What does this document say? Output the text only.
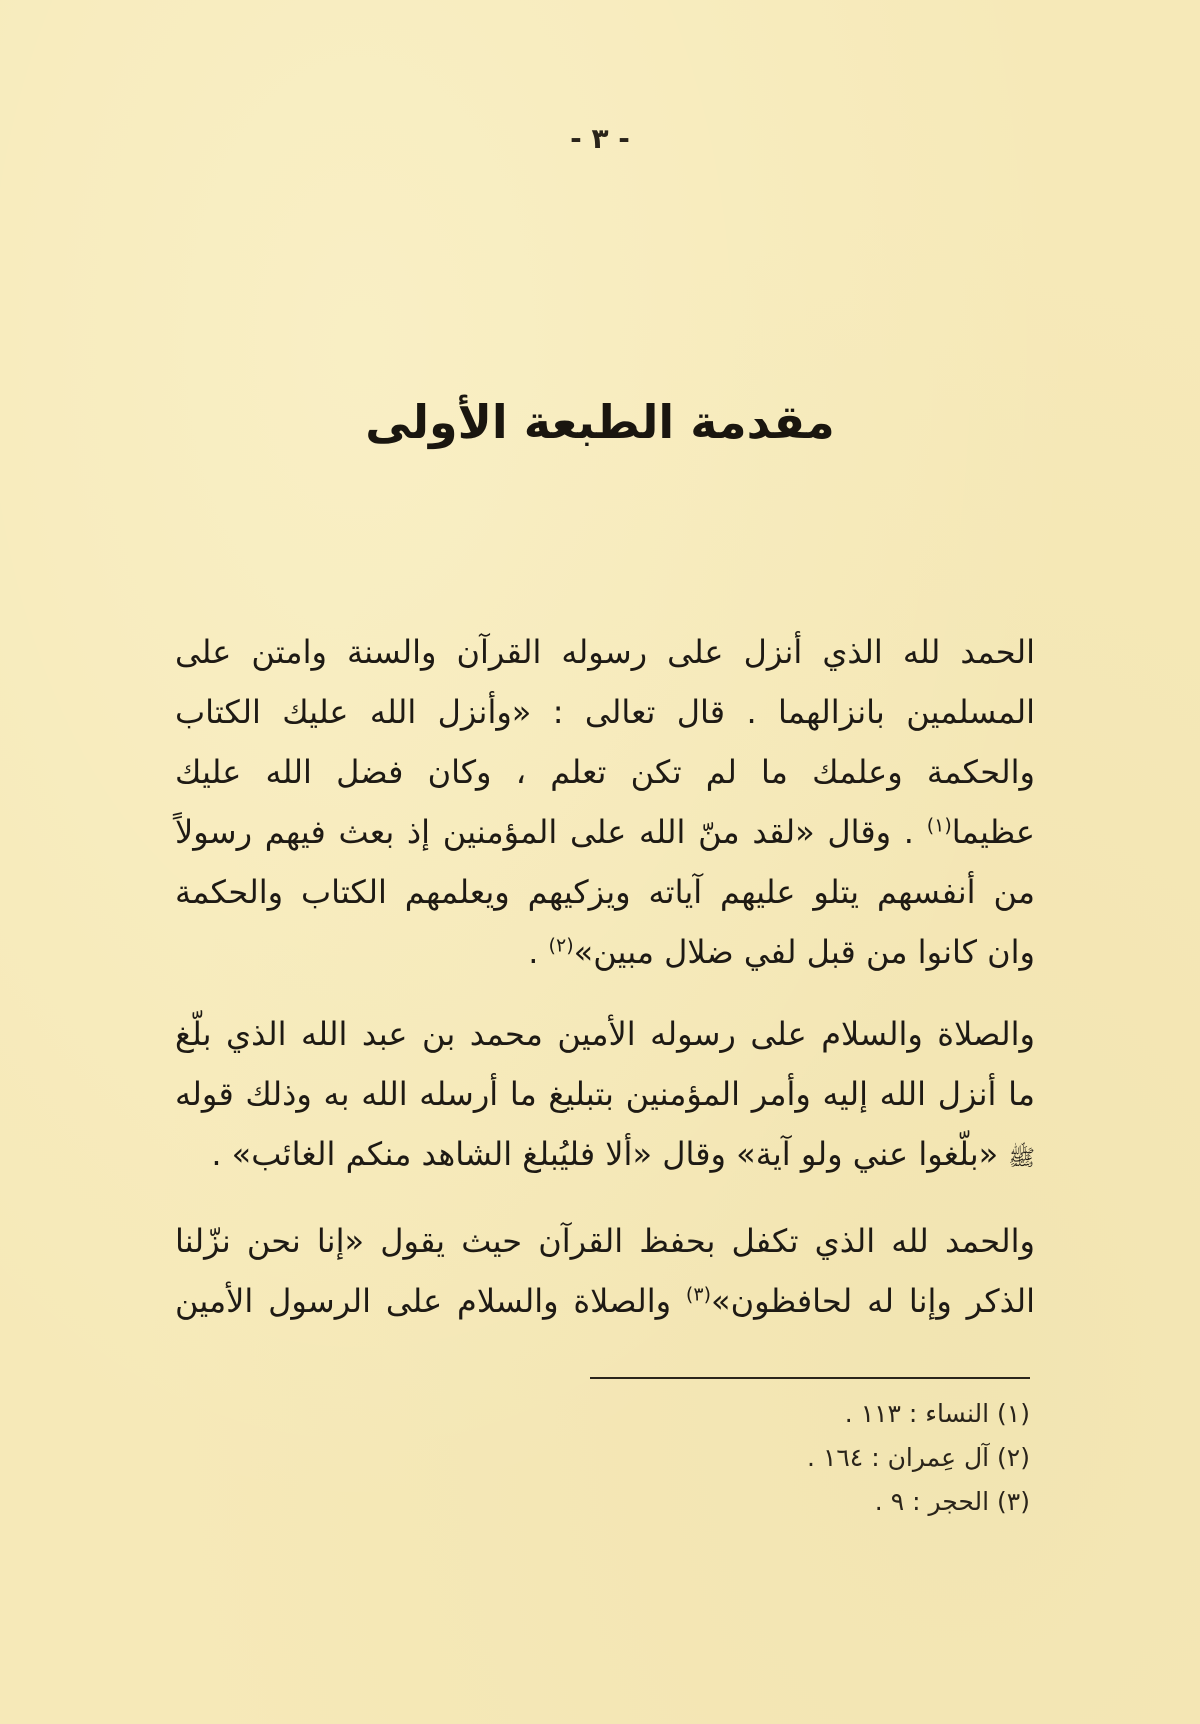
- ٣ -
مقدمة الطبعة الأولى

الحمد لله الذي أنزل على رسوله القرآن والسنة وامتن على
المسلمين بانزالهما . قال تعالى : «وأنزل الله عليك الكتاب
والحكمة وعلمك ما لم تكن تعلم ، وكان فضل الله عليك
عظيما$^{(١)}$ . وقال «لقد منّ الله على المؤمنين إذ بعث فيهم رسولاً
من أنفسهم يتلو عليهم آياته ويزكيهم ويعلمهم الكتاب والحكمة
وان كانوا من قبل لفي ضلال مبين»$^{(٢)}$ .

والصلاة والسلام على رسوله الأمين محمد بن عبد الله الذي بلّغ
ما أنزل الله إليه وأمر المؤمنين بتبليغ ما أرسله الله به وذلك قوله
ﷺ «بلّغوا عني ولو آية» وقال «ألا فليُبلغ الشاهد منكم الغائب» .

والحمد لله الذي تكفل بحفظ القرآن حيث يقول «إنا نحن نزّلنا
الذكر وإنا له لحافظون»$^{(٣)}$ والصلاة والسلام على الرسول الأمين

(١) النساء : ١١٣ .
(٢) آل عِمران : ١٦٤ .
(٣) الحجر : ٩ .
